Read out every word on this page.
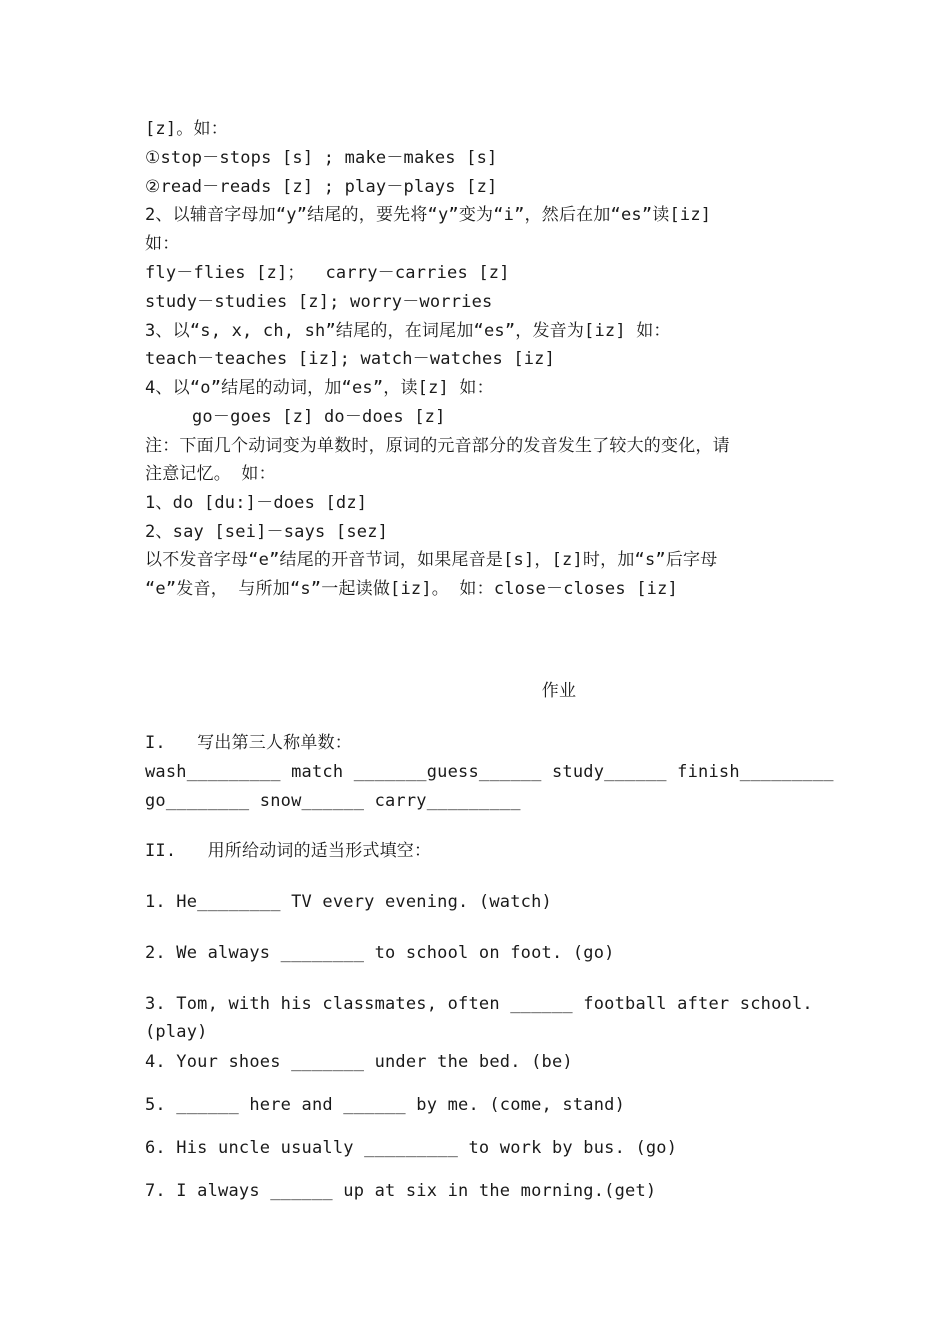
[z]。如：
①stop－stops [s] ; make－makes [s]
②read－reads [z] ; play－plays [z]
2、以辅音字母加“y”结尾的，要先将“y”变为“i”，然后在加“es”读[iz]
如：
fly－flies [z]；  carry－carries [z]
study－studies [z]; worry－worries
3、以“s, x, ch, sh”结尾的，在词尾加“es”，发音为[iz] 如：
teach－teaches [iz]; watch－watches [iz]
4、以“o”结尾的动词，加“es”，读[z] 如：
go－goes [z] do－does [z]
注：下面几个动词变为单数时，原词的元音部分的发音发生了较大的变化，请
注意记忆。 如：
1、do [du:]－does [dz]
2、say [sei]－says [sez]
以不发音字母“e”结尾的开音节词，如果尾音是[s]，[z]时，加“s”后字母
“e”发音， 与所加“s”一起读做[iz]。 如：close－closes [iz]
作业
I.   写出第三人称单数：
wash_________ match _______guess______ study______ finish_________
go________ snow______ carry_________
II.   用所给动词的适当形式填空：
1. He________ TV every evening. (watch)
2. We always ________ to school on foot. (go)
3. Tom, with his classmates, often ______ football after school.
(play)
4. Your shoes _______ under the bed. (be)
5. ______ here and ______ by me. (come, stand)
6. His uncle usually _________ to work by bus. (go)
7. I always ______ up at six in the morning.(get)
